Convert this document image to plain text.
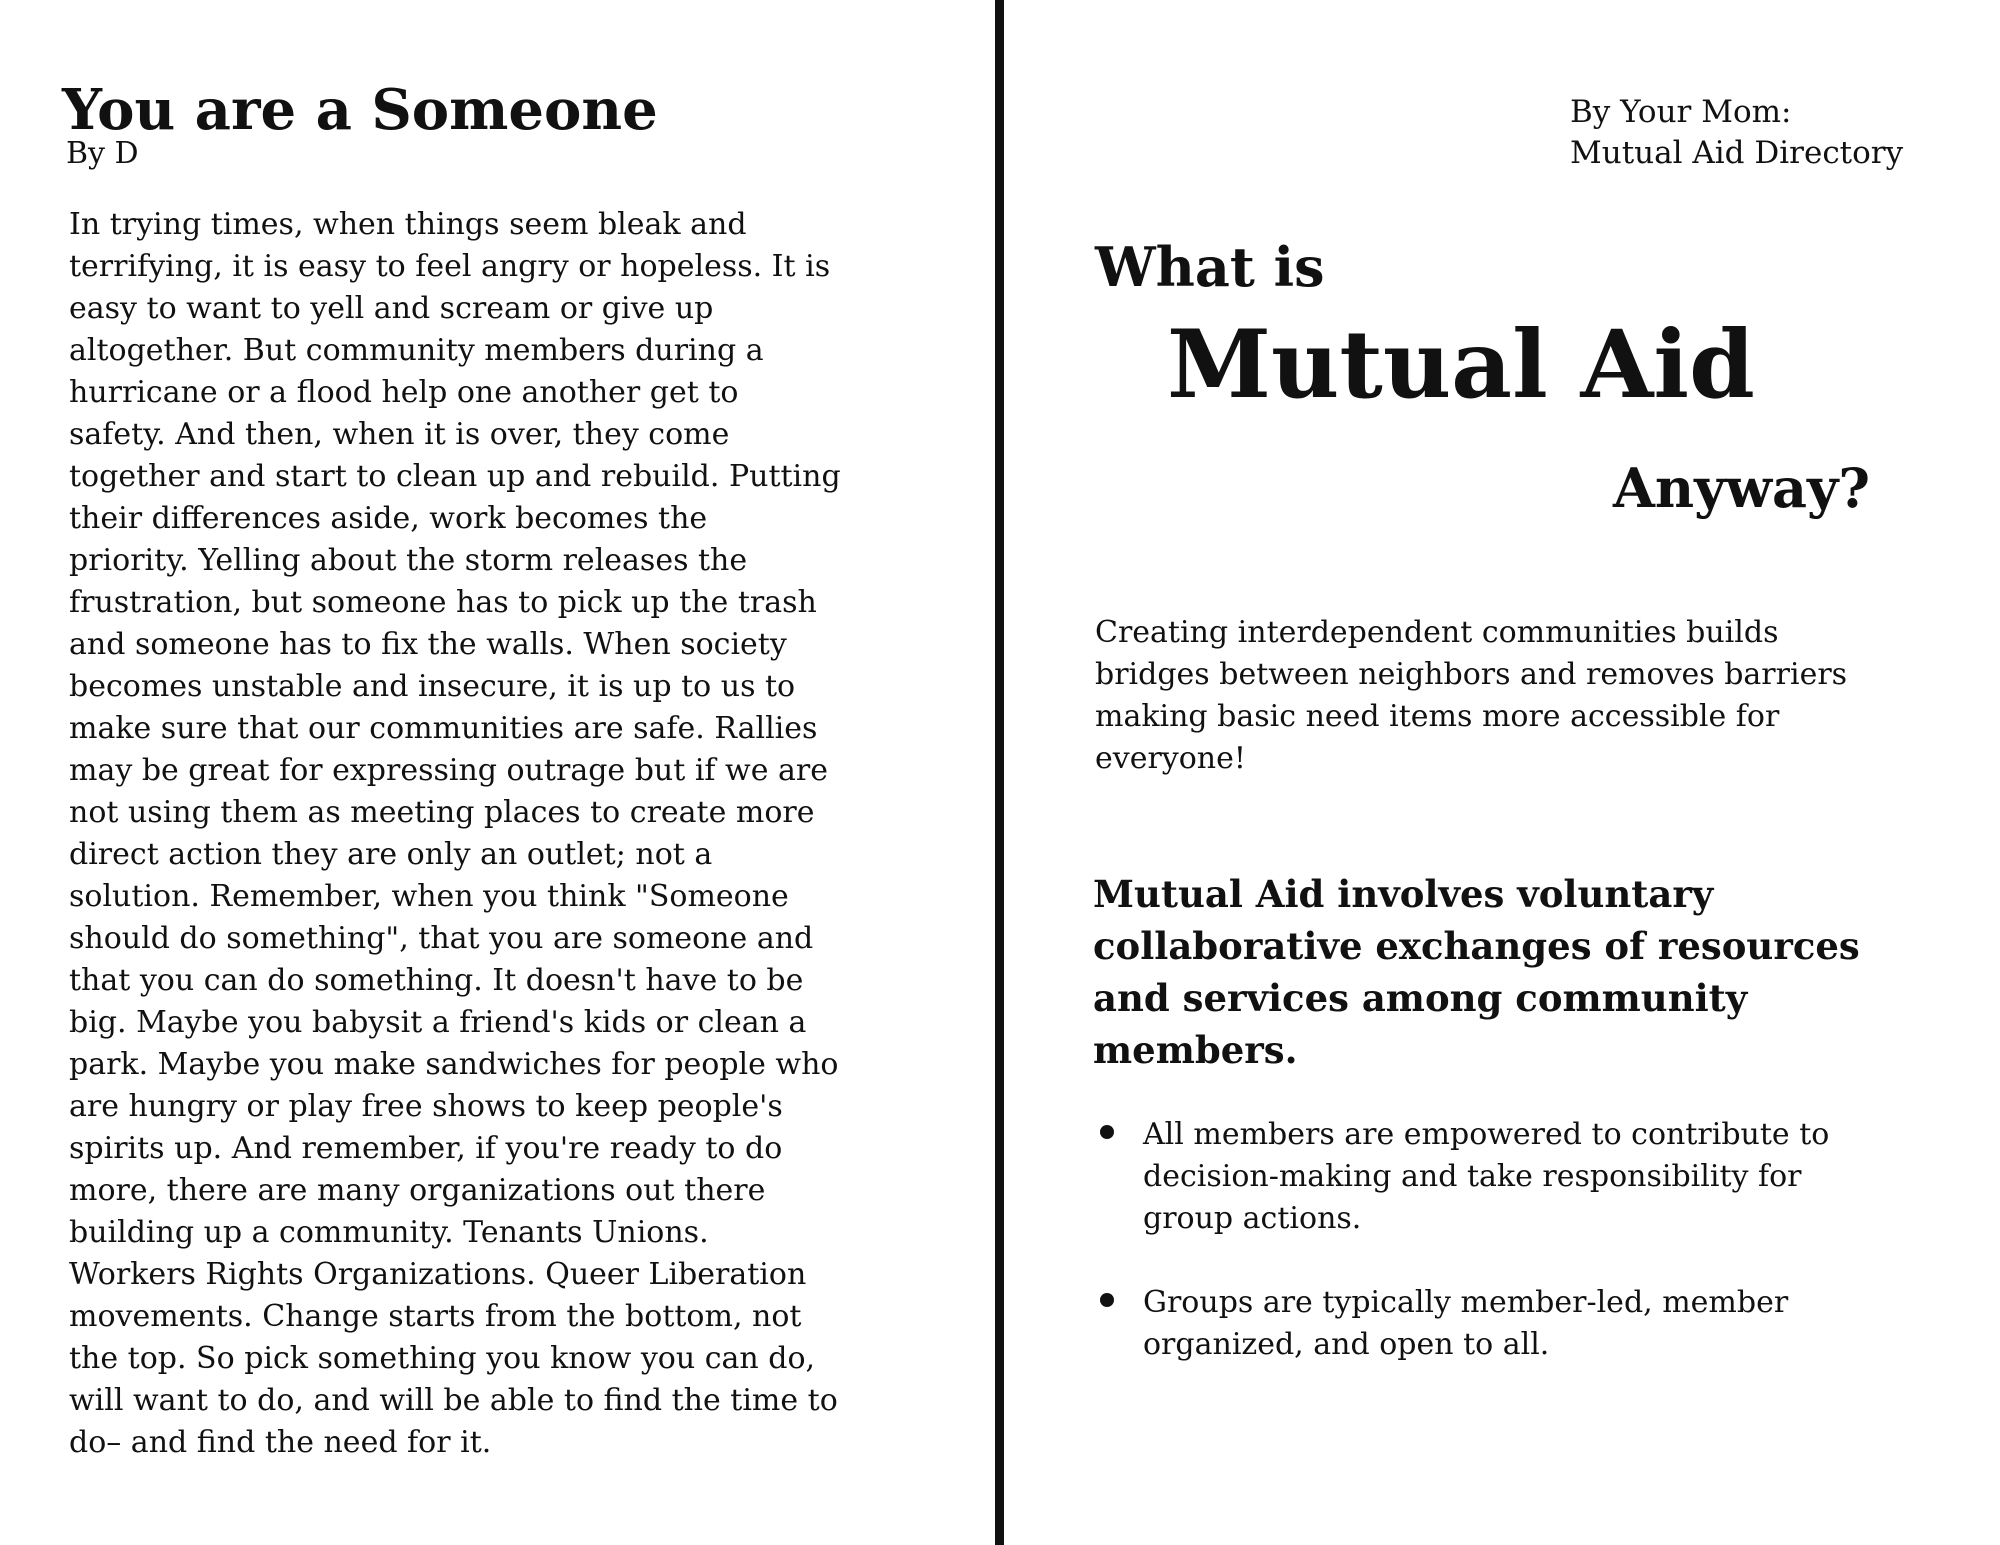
You are a Someone

By D

In trying times, when things seem bleak and
terrifying, it is easy to feel angry or hopeless. It is
easy to want to yell and scream or give up
altogether. But community members during a
hurricane or a flood help one another get to
safety. And then, when it is over, they come
together and start to clean up and rebuild. Putting
their differences aside, work becomes the
priority. Yelling about the storm releases the
frustration, but someone has to pick up the trash
and someone has to fix the walls. When society
becomes unstable and insecure, it is up to us to
make sure that our communities are safe. Rallies
may be great for expressing outrage but if we are
not using them as meeting places to create more
direct action they are only an outlet; not a
solution. Remember, when you think "Someone
should do something", that you are someone and
that you can do something. It doesn't have to be
big. Maybe you babysit a friend's kids or clean a
park. Maybe you make sandwiches for people who
are hungry or play free shows to keep people's
spirits up. And remember, if you're ready to do
more, there are many organizations out there
building up a community. Tenants Unions.
Workers Rights Organizations. Queer Liberation
movements. Change starts from the bottom, not
the top. So pick something you know you can do,
will want to do, and will be able to find the time to
do– and find the need for it.
By Your Mom:
Mutual Aid Directory
What is
Mutual Aid
Anyway?
Creating interdependent communities builds
bridges between neighbors and removes barriers
making basic need items more accessible for
everyone!
Mutual Aid involves voluntary
collaborative exchanges of resources
and services among community
members.
All members are empowered to contribute to
decision-making and take responsibility for
group actions.
Groups are typically member-led, member
organized, and open to all.
